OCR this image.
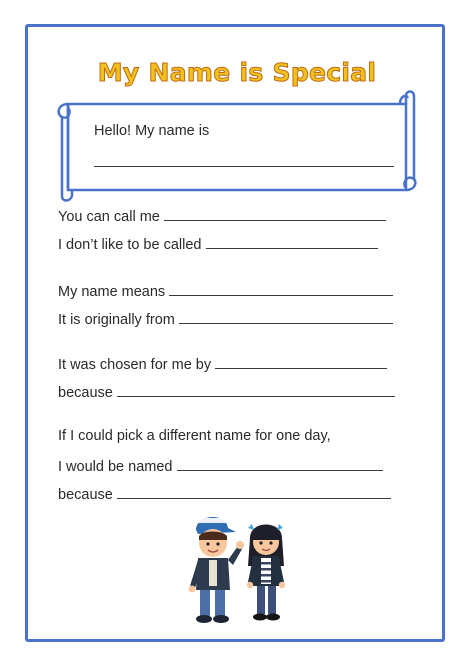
My Name is Special
Hello! My name is
You can call me
I don’t like to be called
My name means
It is originally from
It was chosen for me by
because
If I could pick a different name for one day,
I would be named
because
